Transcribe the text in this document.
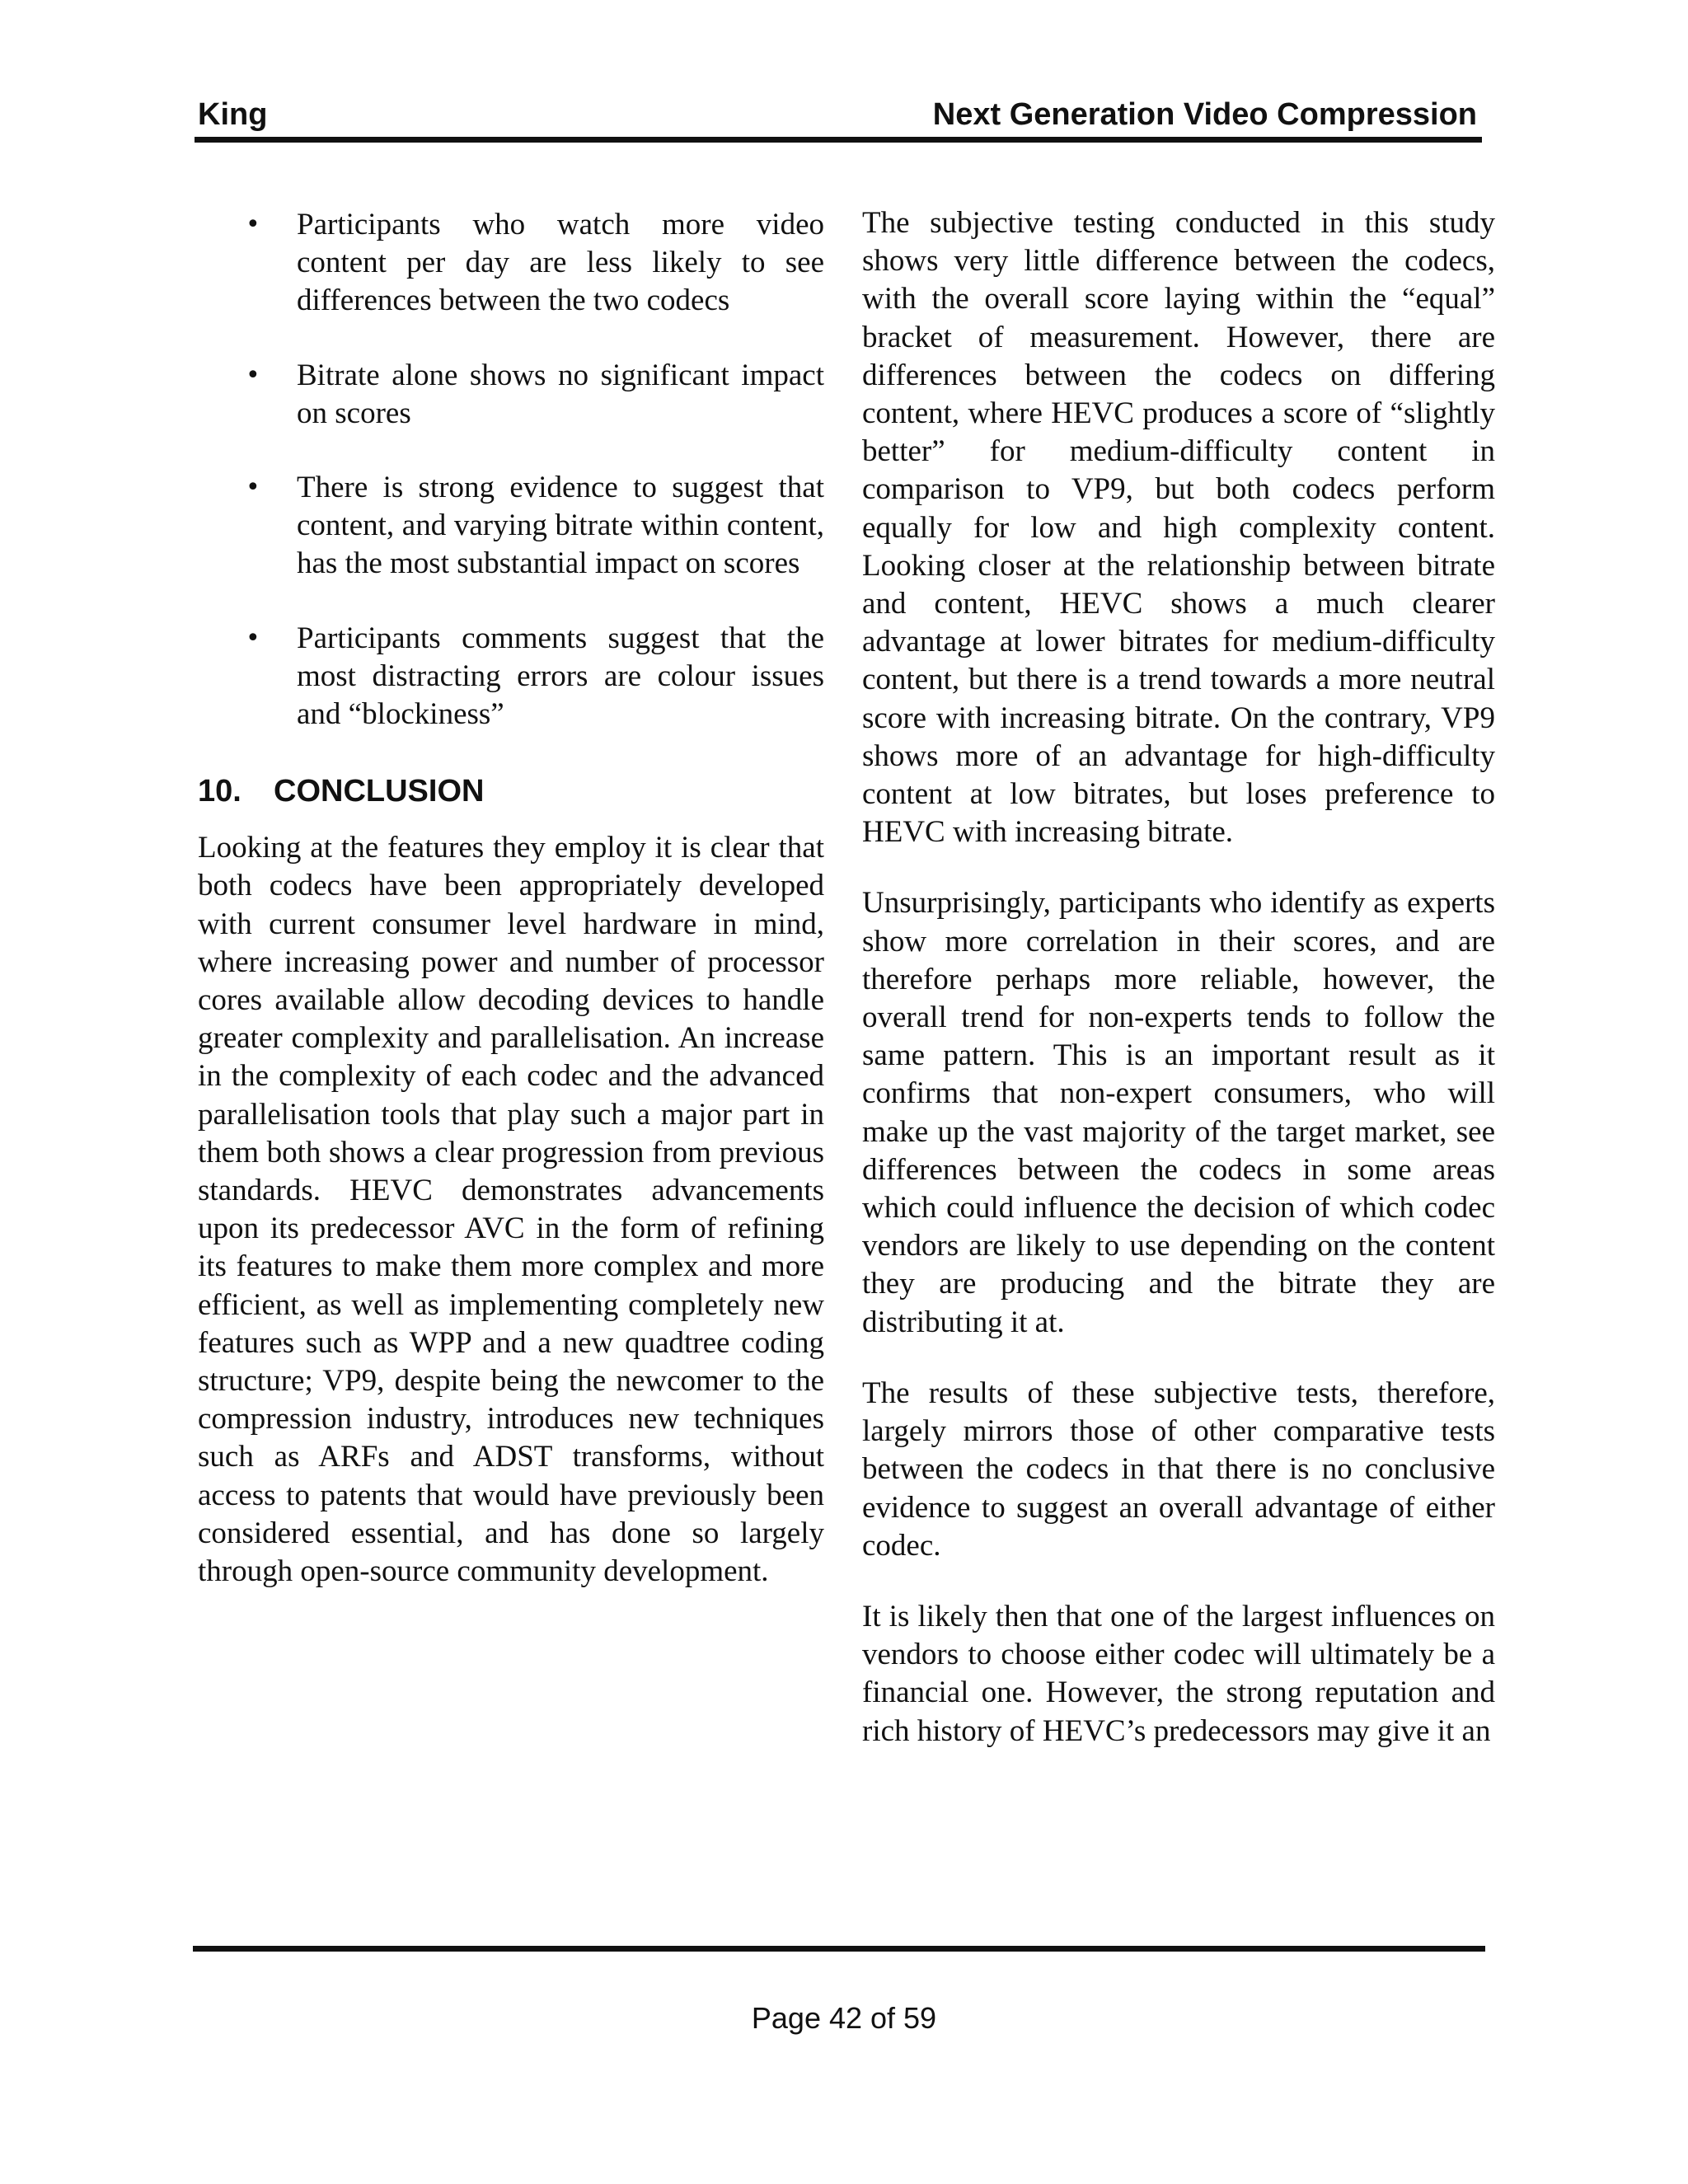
King	Next Generation Video Compression
• Participants who watch more video content per day are less likely to see differences between the two codecs
• Bitrate alone shows no significant impact on scores
• There is strong evidence to suggest that content, and varying bitrate within content, has the most substantial impact on scores
• Participants comments suggest that the most distracting errors are colour issues and “blockiness”
10. CONCLUSION

Looking at the features they employ it is clear that both codecs have been appropriately developed with current consumer level hardware in mind, where increasing power and number of processor cores available allow decoding devices to handle greater complexity and parallelisation. An increase in the complexity of each codec and the advanced parallelisation tools that play such a major part in them both shows a clear progression from previous standards. HEVC demonstrates advancements upon its predecessor AVC in the form of refining its features to make them more complex and more efficient, as well as implementing completely new features such as WPP and a new quadtree coding structure; VP9, despite being the newcomer to the compression industry, introduces new techniques such as ARFs and ADST transforms, without access to patents that would have previously been considered essential, and has done so largely through open-source community development.

The subjective testing conducted in this study shows very little difference between the codecs, with the overall score laying within the “equal” bracket of measurement. However, there are differences between the codecs on differing content, where HEVC produces a score of “slightly better” for medium-difficulty content in comparison to VP9, but both codecs perform equally for low and high complexity content. Looking closer at the relationship between bitrate and content, HEVC shows a much clearer advantage at lower bitrates for medium-difficulty content, but there is a trend towards a more neutral score with increasing bitrate. On the contrary, VP9 shows more of an advantage for high-difficulty content at low bitrates, but loses preference to HEVC with increasing bitrate.

Unsurprisingly, participants who identify as experts show more correlation in their scores, and are therefore perhaps more reliable, however, the overall trend for non-experts tends to follow the same pattern. This is an important result as it confirms that non-expert consumers, who will make up the vast majority of the target market, see differences between the codecs in some areas which could influence the decision of which codec vendors are likely to use depending on the content they are producing and the bitrate they are distributing it at.

The results of these subjective tests, therefore, largely mirrors those of other comparative tests between the codecs in that there is no conclusive evidence to suggest an overall advantage of either codec.

It is likely then that one of the largest influences on vendors to choose either codec will ultimately be a financial one. However, the strong reputation and rich history of HEVC’s predecessors may give it an

Page 42 of 59
